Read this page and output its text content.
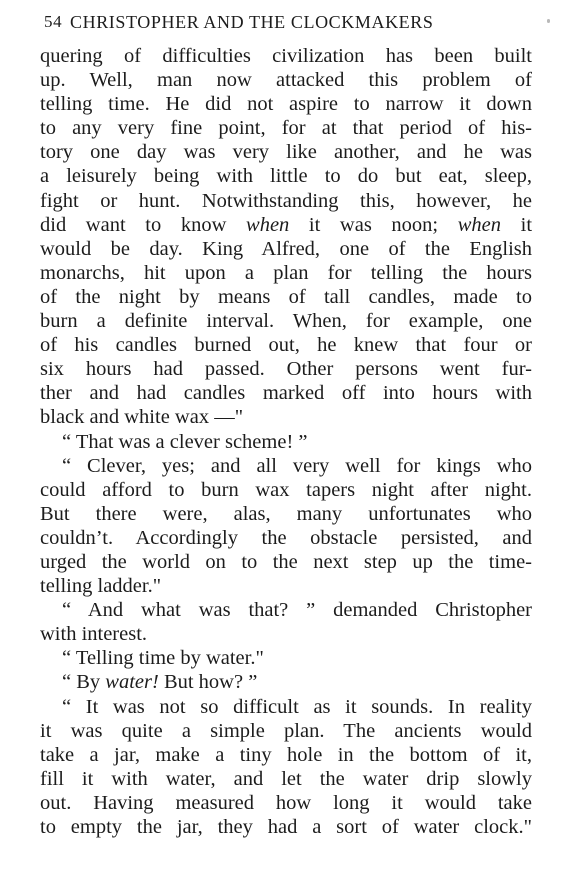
54 CHRISTOPHER AND THE CLOCKMAKERS
quering of difficulties civilization has been built
up. Well, man now attacked this problem of
telling time. He did not aspire to narrow it down
to any very fine point, for at that period of his-
tory one day was very like another, and he was
a leisurely being with little to do but eat, sleep,
fight or hunt. Notwithstanding this, however, he
did want to know when it was noon; when it
would be day. King Alfred, one of the English
monarchs, hit upon a plan for telling the hours
of the night by means of tall candles, made to
burn a definite interval. When, for example, one
of his candles burned out, he knew that four or
six hours had passed. Other persons went fur-
ther and had candles marked off into hours with
black and white wax —"
“ That was a clever scheme! ”
“ Clever, yes; and all very well for kings who
could afford to burn wax tapers night after night.
But there were, alas, many unfortunates who
couldn’t. Accordingly the obstacle persisted, and
urged the world on to the next step up the time-
telling ladder."
“ And what was that? ” demanded Christopher
with interest.
“ Telling time by water."
“ By water! But how? ”
“ It was not so difficult as it sounds. In reality
it was quite a simple plan. The ancients would
take a jar, make a tiny hole in the bottom of it,
fill it with water, and let the water drip slowly
out. Having measured how long it would take
to empty the jar, they had a sort of water clock."
